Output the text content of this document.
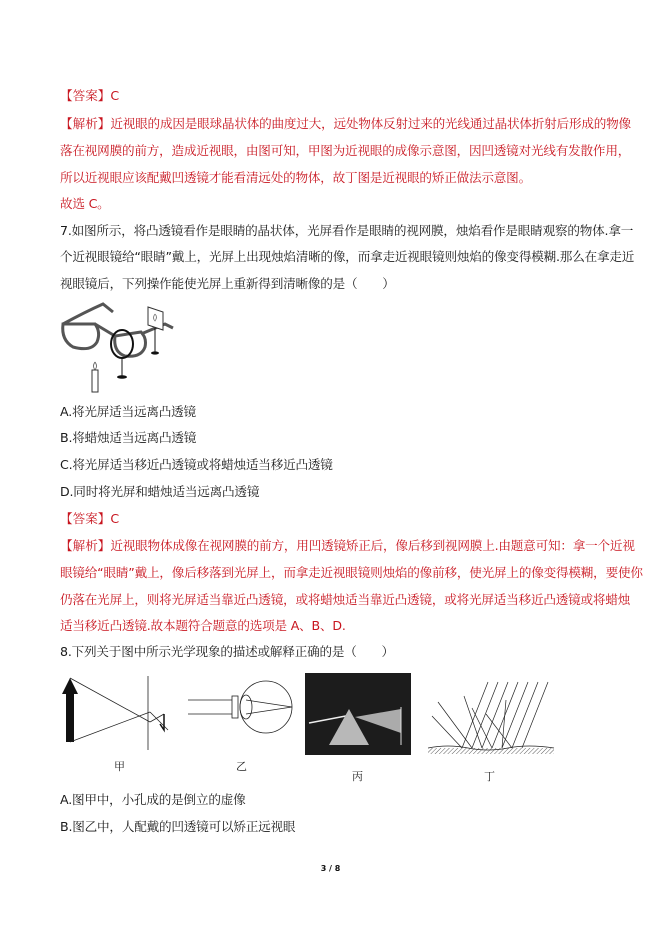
【答案】C
【解析】近视眼的成因是眼球晶状体的曲度过大，远处物体反射过来的光线通过晶状体折射后形成的物像
落在视网膜的前方，造成近视眼，由图可知，甲图为近视眼的成像示意图，因凹透镜对光线有发散作用，
所以近视眼应该配戴凹透镜才能看清远处的物体，故丁图是近视眼的矫正做法示意图。
故选 C。
7.如图所示，将凸透镜看作是眼睛的晶状体，光屏看作是眼睛的视网膜，烛焰看作是眼睛观察的物体.拿一
个近视眼镜给“眼睛”戴上，光屏上出现烛焰清晰的像，而拿走近视眼镜则烛焰的像变得模糊.那么在拿走近
视眼镜后，下列操作能使光屏上重新得到清晰像的是（　　）
A.将光屏适当远离凸透镜
B.将蜡烛适当远离凸透镜
C.将光屏适当移近凸透镜或将蜡烛适当移近凸透镜
D.同时将光屏和蜡烛适当远离凸透镜
【答案】C
【解析】近视眼物体成像在视网膜的前方，用凹透镜矫正后，像后移到视网膜上.由题意可知：拿一个近视
眼镜给“眼睛”戴上，像后移落到光屏上，而拿走近视眼镜则烛焰的像前移，使光屏上的像变得模糊，要使你
仍落在光屏上，则将光屏适当靠近凸透镜，或将蜡烛适当靠近凸透镜，或将光屏适当移近凸透镜或将蜡烛
适当移近凸透镜.故本题符合题意的选项是 A、B、D.
8.下列关于图中所示光学现象的描述或解释正确的是（　　）
甲	乙
丙	丁
A.图甲中，小孔成的是倒立的虚像
B.图乙中，人配戴的凹透镜可以矫正远视眼
3 / 8
